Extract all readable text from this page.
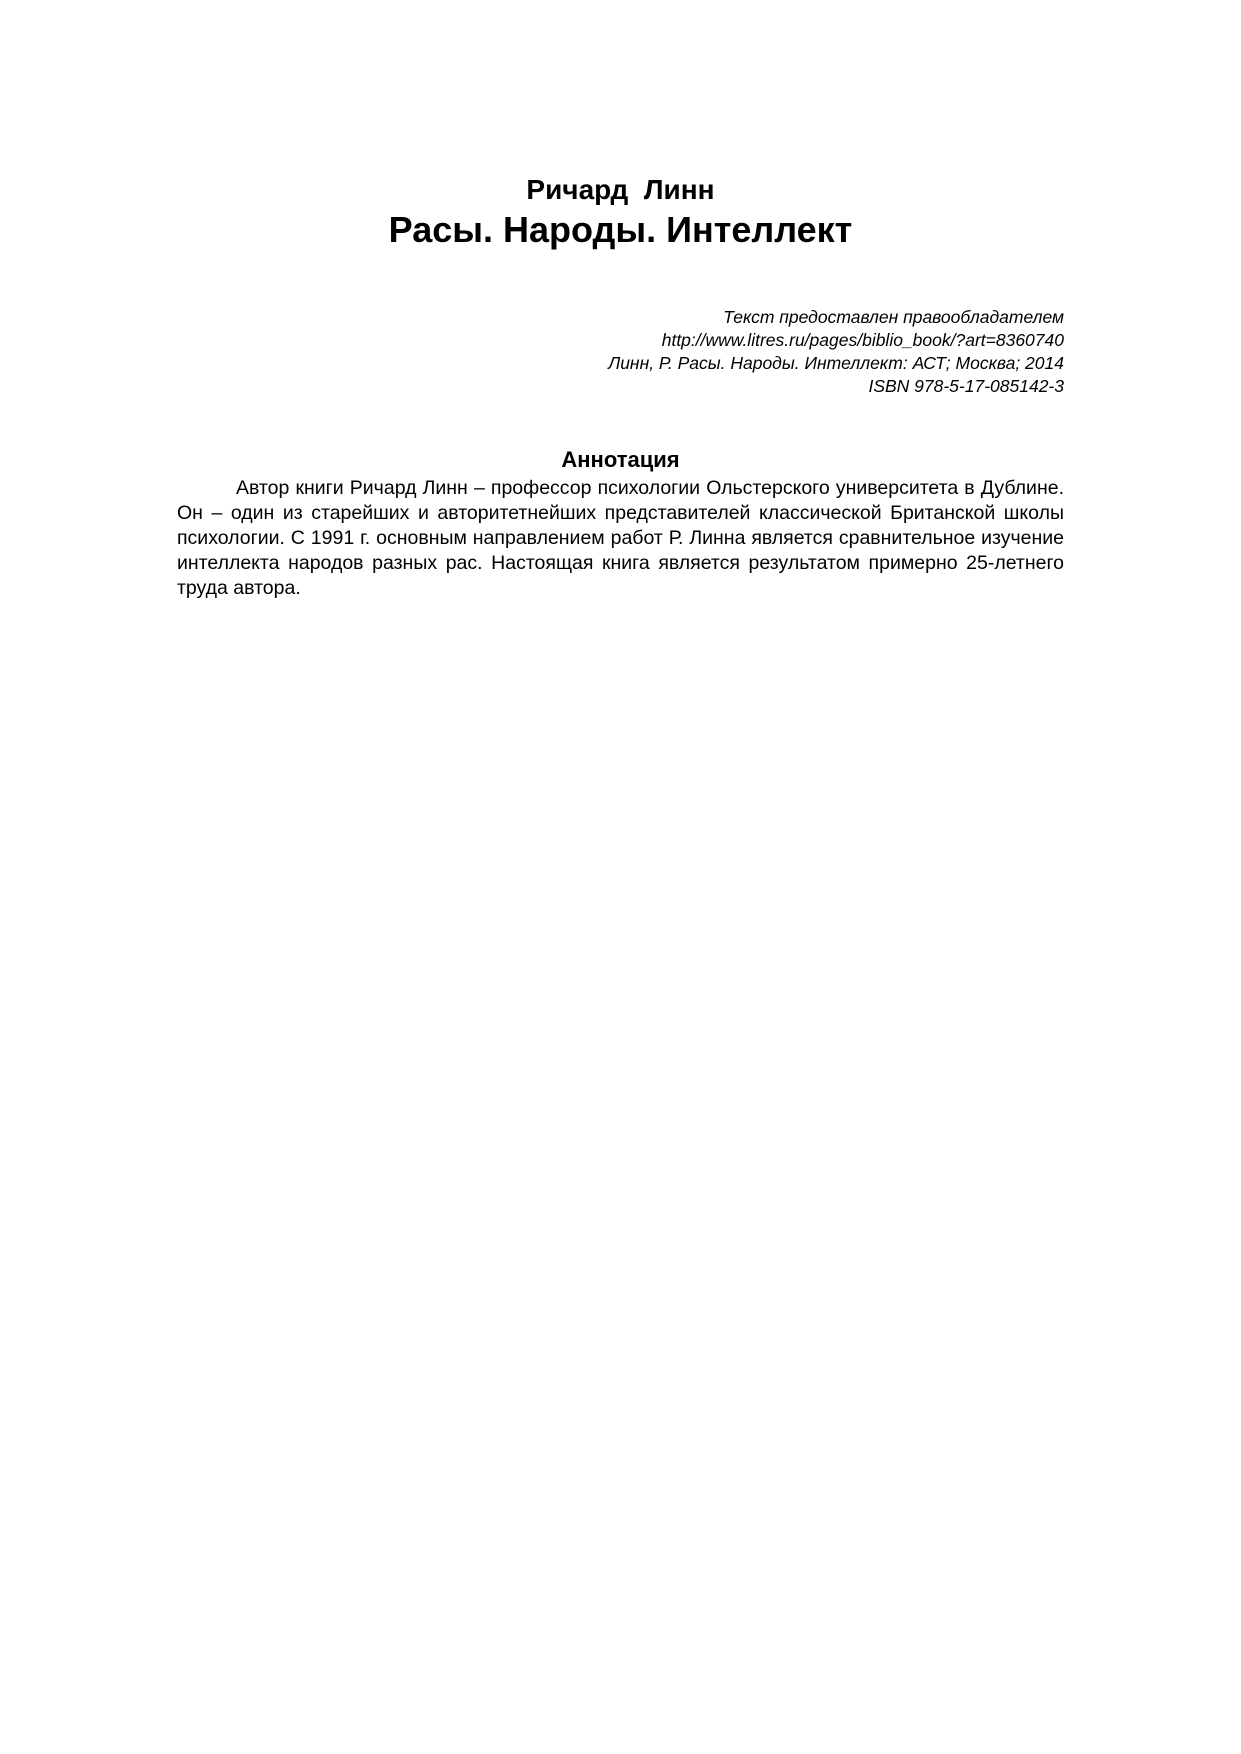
Ричард  Линн
Расы. Народы. Интеллект
Текст предоставлен правообладателем
http://www.litres.ru/pages/biblio_book/?art=8360740
Линн, Р. Расы. Народы. Интеллект: АСТ; Москва; 2014
ISBN 978-5-17-085142-3
Аннотация

Автор книги Ричард Линн – профессор психологии Ольстерского университета в Дублине. Он – один из старейших и авторитетнейших представителей классической Британской школы психологии. С 1991 г. основным направлением работ Р. Линна является сравнительное изучение интеллекта народов разных рас. Настоящая книга является результатом примерно 25-летнего труда автора.
